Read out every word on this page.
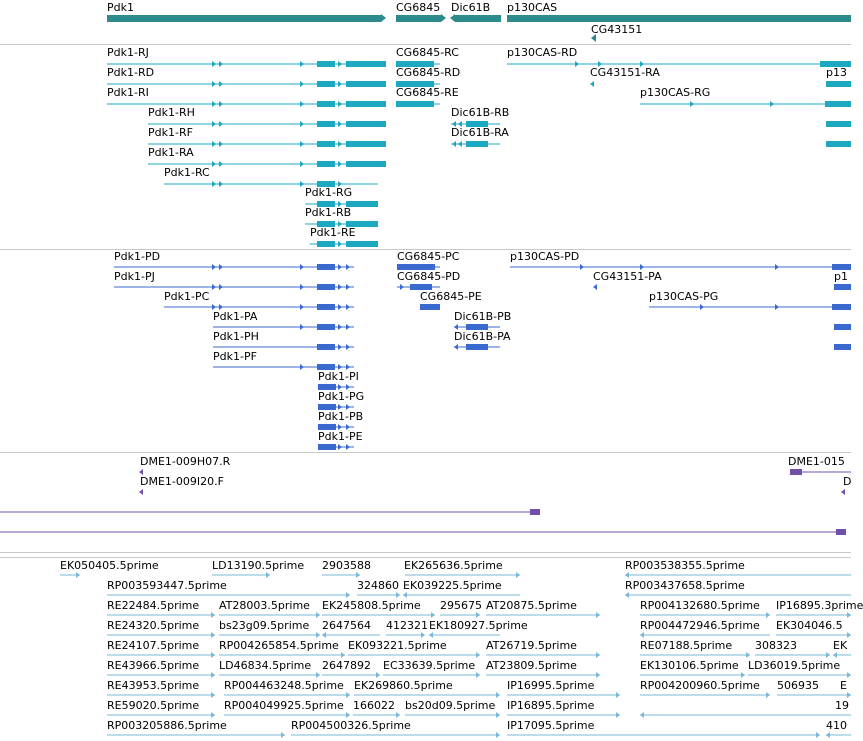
Pdk1	CG6845 Dic61B p130CAS
CG43151
Pdk1-RJ
Pdk1-RD
Pdk1-RI
Pdk1-RH
Pdk1-RF
Pdk1-RA
Pdk1-RC
Pdk1-RG
Pdk1-RB
Pdk1-RE
CG6845-RC
CG6845-RD
CG6845-RE
Dic61B-RB
Dic61B-RA
p130CAS-RD
CG43151-RA
p130CAS-RG
p13
Pdk1-PD
Pdk1-PJ
Pdk1-PC
Pdk1-PA
Pdk1-PH
Pdk1-PF
Pdk1-PI
Pdk1-PG
Pdk1-PB
Pdk1-PE
CG6845-PC
CG6845-PD
CG6845-PE
Dic61B-PB
Dic61B-PA
p130CAS-PD
CG43151-PA
p130CAS-PG
p1
DME1-009H07.R
DME1-009I20.F
DME1-015
D
EK050405.5prime	LD13190.5prime 2903588	EK265636.5prime	RP003538355.5prime
RP003593447.5prime	324860 EK039225.5prime	RP003437658.5prime
RE22484.5prime AT28003.5prime EK245808.5prime 295675 AT20875.5prime	RP004132680.5prime IP16895.3prime
RE24320.5prime bs23g09.5prime 2647564 412321 EK180927.5prime	RP004472946.5prime EK304046.5
RE24107.5prime RP004265854.5prime EK093221.5prime	AT26719.5prime	RE07188.5prime 308323	EK
RE43966.5prime LD46834.5prime 2647892 EC33639.5prime AT23809.5prime	EK130106.5prime LD36019.5prime
RE43953.5prime RP004463248.5prime EK269860.5prime	IP16995.5prime	RP004200960.5prime 506935 E
RE59020.5prime RP004049925.5prime 166022 bs20d09.5prime IP16895.5prime	19
RP003205886.5prime	RP004500326.5prime	IP17095.5prime	410
